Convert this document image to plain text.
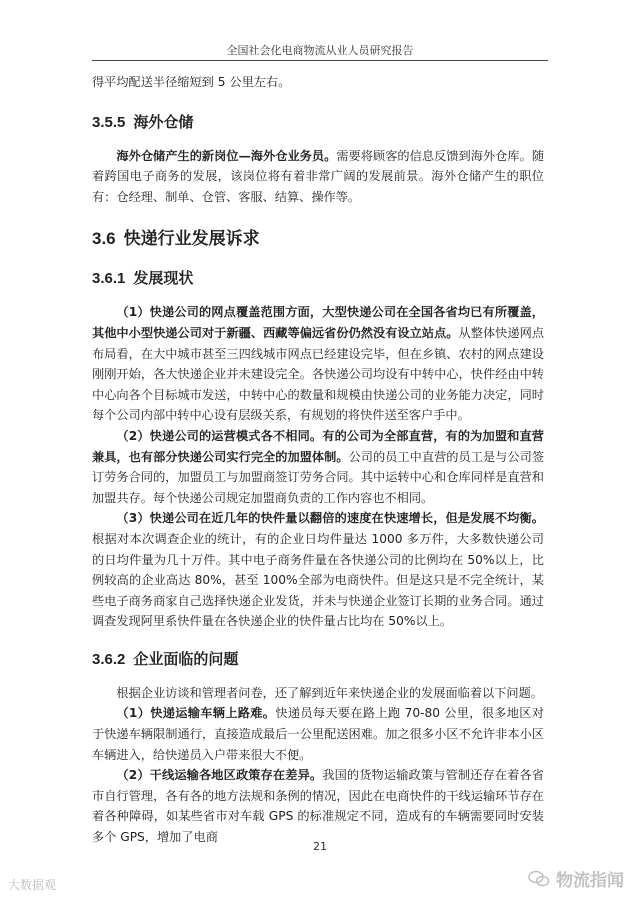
全国社会化电商物流从业人员研究报告

得平均配送半径缩短到 5 公里左右。

3.5.5 海外仓储

海外仓储产生的新岗位—海外仓业务员。需要将顾客的信息反馈到海外仓库。随着跨国电子商务的发展，该岗位将有着非常广阔的发展前景。海外仓储产生的职位有：仓经理、制单、仓管、客服、结算、操作等。

3.6 快递行业发展诉求
3.6.1 发展现状

（1）快递公司的网点覆盖范围方面，大型快递公司在全国各省均已有所覆盖，其他中小型快递公司对于新疆、西藏等偏远省份仍然没有设立站点。从整体快递网点布局看，在大中城市甚至三四线城市网点已经建设完毕，但在乡镇、农村的网点建设刚刚开始，各大快递企业并未建设完全。各快递公司均设有中转中心，快件经由中转中心向各个目标城市发送，中转中心的数量和规模由快递公司的业务能力决定，同时每个公司内部中转中心设有层级关系，有规划的将快件送至客户手中。

（2）快递公司的运营模式各不相同。有的公司为全部直营，有的为加盟和直营兼具，也有部分快递公司实行完全的加盟体制。公司的员工中直营的员工是与公司签订劳务合同的，加盟员工与加盟商签订劳务合同。其中运转中心和仓库同样是直营和加盟共存。每个快递公司规定加盟商负责的工作内容也不相同。

（3）快递公司在近几年的快件量以翻倍的速度在快速增长，但是发展不均衡。根据对本次调查企业的统计，有的企业日均件量达 1000 多万件，大多数快递公司的日均件量为几十万件。其中电子商务件量在各快递公司的比例均在 50%以上，比例较高的企业高达 80%，甚至 100%全部为电商快件。但是这只是不完全统计，某些电子商务商家自己选择快递企业发货，并未与快递企业签订长期的业务合同。通过调查发现阿里系快件量在各快递企业的快件量占比均在 50%以上。

3.6.2 企业面临的问题

根据企业访谈和管理者问卷，还了解到近年来快递企业的发展面临着以下问题。

（1）快递运输车辆上路难。快递员每天要在路上跑 70-80 公里，很多地区对于快递车辆限制通行，直接造成最后一公里配送困难。加之很多小区不允许非本小区车辆进入，给快递员入户带来很大不便。

（2）干线运输各地区政策存在差异。我国的货物运输政策与管制还存在着各省市自行管理，各有各的地方法规和条例的情况，因此在电商快件的干线运输环节存在着各种障碍，如某些省市对车载 GPS 的标准规定不同，造成有的车辆需要同时安装多个 GPS，增加了电商

21
大数据观	物流指闻
